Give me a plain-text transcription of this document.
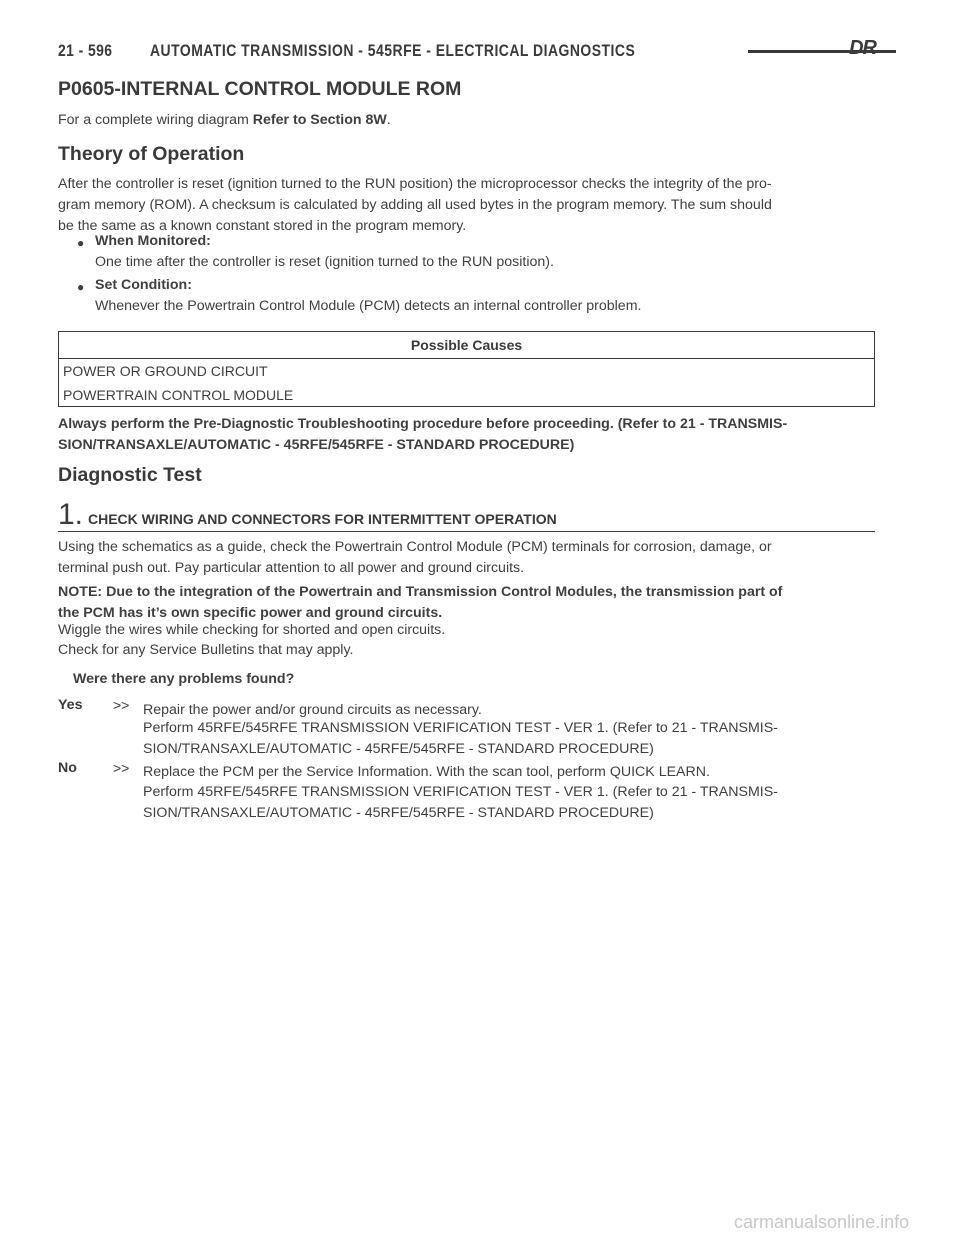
21 - 596	AUTOMATIC TRANSMISSION - 545RFE - ELECTRICAL DIAGNOSTICS	DR
P0605-INTERNAL CONTROL MODULE ROM

For a complete wiring diagram Refer to Section 8W.

Theory of Operation
After the controller is reset (ignition turned to the RUN position) the microprocessor checks the integrity of the pro-
gram memory (ROM). A checksum is calculated by adding all used bytes in the program memory. The sum should
be the same as a known constant stored in the program memory.
● When Monitored:
One time after the controller is reset (ignition turned to the RUN position).
● Set Condition:
Whenever the Powertrain Control Module (PCM) detects an internal controller problem.
Possible Causes
POWER OR GROUND CIRCUIT
POWERTRAIN CONTROL MODULE
Always perform the Pre-Diagnostic Troubleshooting procedure before proceeding. (Refer to 21 - TRANSMIS-
SION/TRANSAXLE/AUTOMATIC - 45RFE/545RFE - STANDARD PROCEDURE)
Diagnostic Test
1. CHECK WIRING AND CONNECTORS FOR INTERMITTENT OPERATION
Using the schematics as a guide, check the Powertrain Control Module (PCM) terminals for corrosion, damage, or
terminal push out. Pay particular attention to all power and ground circuits.
NOTE: Due to the integration of the Powertrain and Transmission Control Modules, the transmission part of
the PCM has it’s own specific power and ground circuits.

Wiggle the wires while checking for shorted and open circuits.

Check for any Service Bulletins that may apply.

Were there any problems found?

Yes >> Repair the power and/or ground circuits as necessary.
Perform 45RFE/545RFE TRANSMISSION VERIFICATION TEST - VER 1. (Refer to 21 - TRANSMIS-
SION/TRANSAXLE/AUTOMATIC - 45RFE/545RFE - STANDARD PROCEDURE)
No	>> Replace the PCM per the Service Information. With the scan tool, perform QUICK LEARN.
Perform 45RFE/545RFE TRANSMISSION VERIFICATION TEST - VER 1. (Refer to 21 - TRANSMIS-
SION/TRANSAXLE/AUTOMATIC - 45RFE/545RFE - STANDARD PROCEDURE)
carmanualsonline.info
